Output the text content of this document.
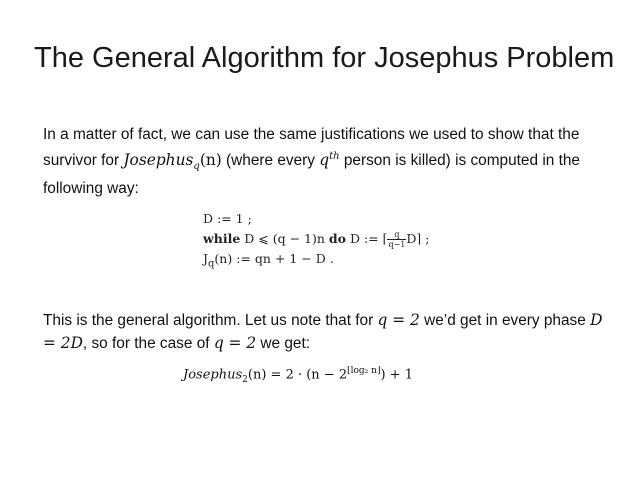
The General Algorithm for Josephus Problem
In a matter of fact, we can use the same justifications we used to show that the survivor for Josephus$_q$(n) (where every $q^{th}$ person is killed) is computed in the following way:
D := 1 ;
while D ⩽ (q − 1)n do D := ⌈ $\frac{q}{q-1}$ D⌉ ;
$J_q(n)$ := qn + 1 − D .
This is the general algorithm. Let us note that for q = 2 we’d get in every phase D = 2D, so for the case of q = 2 we get:
Josephus$_2$(n) = $2 \cdot (n - 2^{⌊log_2 n⌋}) + 1$
